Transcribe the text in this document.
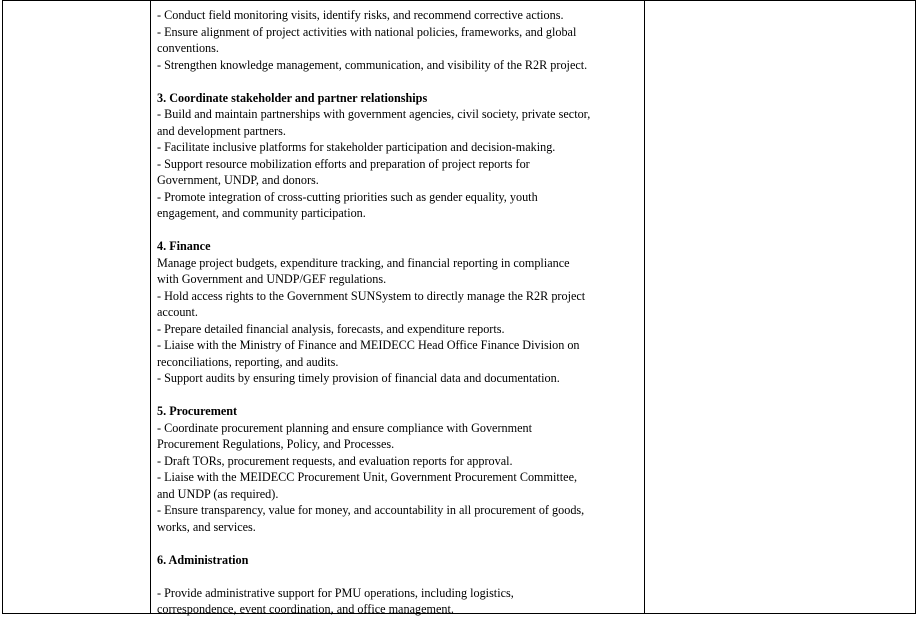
- Conduct field monitoring visits, identify risks, and recommend corrective actions.
- Ensure alignment of project activities with national policies, frameworks, and global
conventions.
- Strengthen knowledge management, communication, and visibility of the R2R project.
3. Coordinate stakeholder and partner relationships
- Build and maintain partnerships with government agencies, civil society, private sector,
and development partners.
- Facilitate inclusive platforms for stakeholder participation and decision-making.
- Support resource mobilization efforts and preparation of project reports for
Government, UNDP, and donors.
- Promote integration of cross-cutting priorities such as gender equality, youth
engagement, and community participation.
4. Finance
Manage project budgets, expenditure tracking, and financial reporting in compliance
with Government and UNDP/GEF regulations.
- Hold access rights to the Government SUNSystem to directly manage the R2R project
account.
- Prepare detailed financial analysis, forecasts, and expenditure reports.
- Liaise with the Ministry of Finance and MEIDECC Head Office Finance Division on
reconciliations, reporting, and audits.
- Support audits by ensuring timely provision of financial data and documentation.
5. Procurement
- Coordinate procurement planning and ensure compliance with Government
Procurement Regulations, Policy, and Processes.
- Draft TORs, procurement requests, and evaluation reports for approval.
- Liaise with the MEIDECC Procurement Unit, Government Procurement Committee,
and UNDP (as required).
- Ensure transparency, value for money, and accountability in all procurement of goods,
works, and services.
6. Administration
- Provide administrative support for PMU operations, including logistics,
correspondence, event coordination, and office management.
